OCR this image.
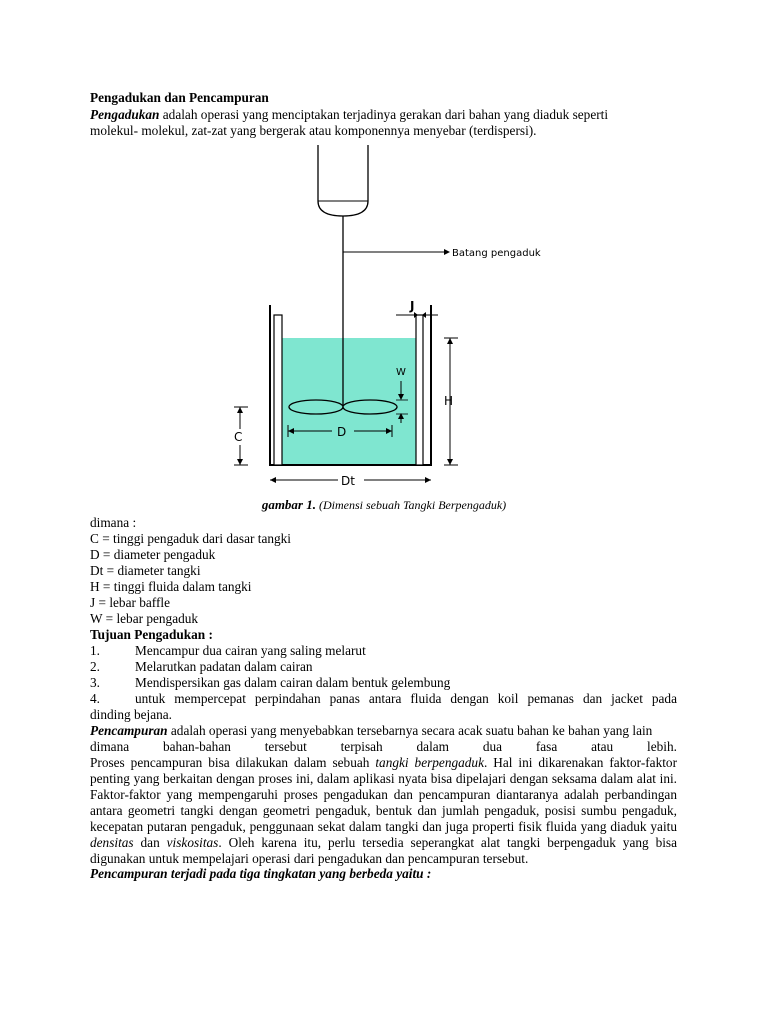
Pengadukan dan Pencampuran
Pengadukan adalah operasi yang menciptakan terjadinya gerakan dari bahan yang diaduk seperti
molekul- molekul, zat-zat yang bergerak atau komponennya menyebar (terdispersi).
Batang pengaduk
J
H
W
D
C
Dt
gambar 1. (Dimensi sebuah Tangki Berpengaduk)
dimana :
C = tinggi pengaduk dari dasar tangki
D = diameter pengaduk
Dt = diameter tangki
H = tinggi fluida dalam tangki
J = lebar baffle
W = lebar pengaduk
Tujuan Pengadukan :
1.	Mencampur dua cairan yang saling melarut
2.	Melarutkan padatan dalam cairan
3.	Mendispersikan gas dalam cairan dalam bentuk gelembung
4.	untuk mempercepat perpindahan panas antara fluida dengan koil pemanas dan jacket pada
dinding bejana.
Pencampuran adalah operasi yang menyebabkan tersebarnya secara acak suatu bahan ke bahan yang lain
dimana	bahan-bahan	tersebut	terpisah	dalam	dua	fasa	atau	lebih.
Proses pencampuran bisa dilakukan dalam sebuah tangki berpengaduk. Hal ini dikarenakan faktor-faktor penting yang berkaitan dengan proses ini, dalam aplikasi nyata bisa dipelajari dengan seksama dalam alat ini. Faktor-faktor yang mempengaruhi proses pengadukan dan pencampuran diantaranya adalah perbandingan antara geometri tangki dengan geometri pengaduk, bentuk dan jumlah pengaduk, posisi sumbu pengaduk, kecepatan putaran pengaduk, penggunaan sekat dalam tangki dan juga properti fisik fluida yang diaduk yaitu densitas dan viskositas. Oleh karena itu, perlu tersedia seperangkat alat tangki berpengaduk yang bisa digunakan untuk mempelajari operasi dari pengadukan dan pencampuran tersebut.
Pencampuran terjadi pada tiga tingkatan yang berbeda yaitu :
